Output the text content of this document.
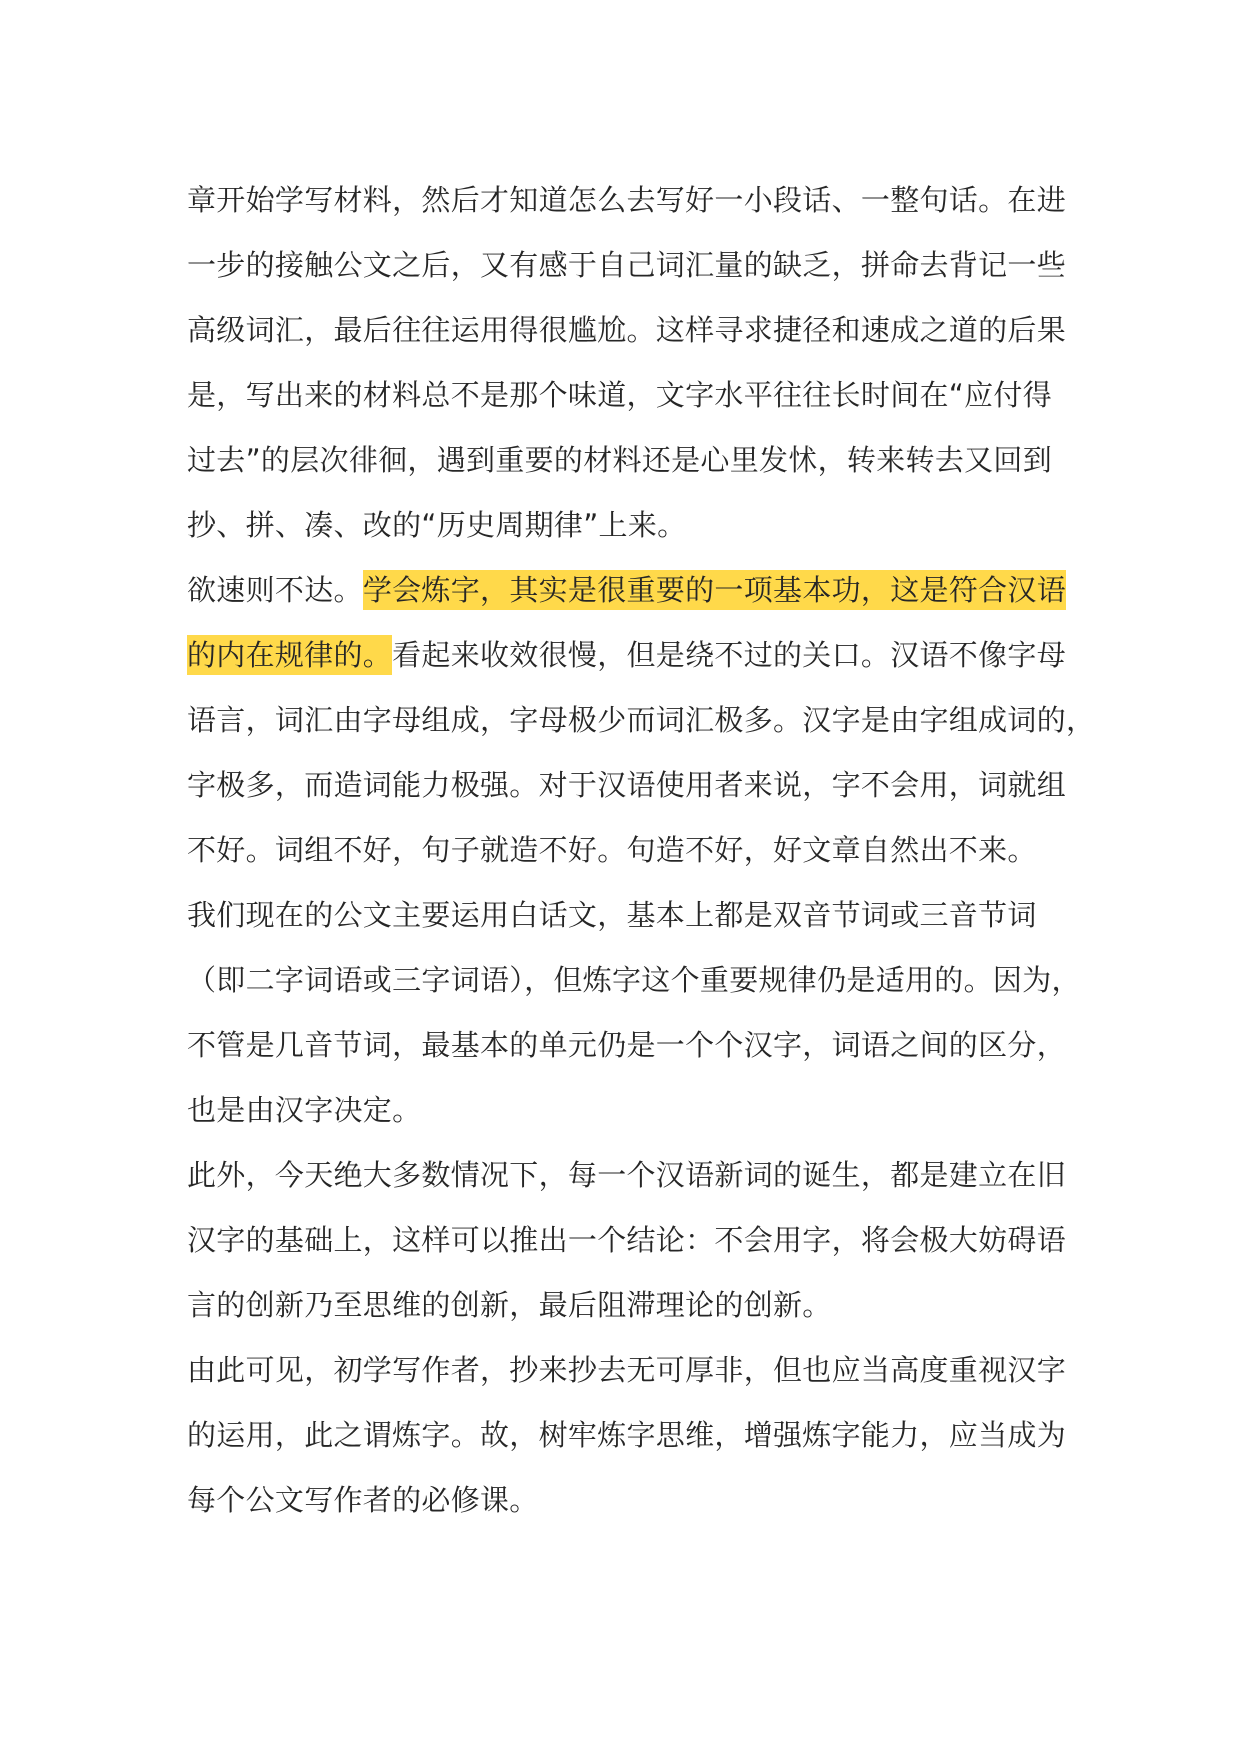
章开始学写材料，然后才知道怎么去写好一小段话、一整句话。在进
一步的接触公文之后，又有感于自己词汇量的缺乏，拼命去背记一些
高级词汇，最后往往运用得很尴尬。这样寻求捷径和速成之道的后果
是，写出来的材料总不是那个味道，文字水平往往长时间在“应付得
过去”的层次徘徊，遇到重要的材料还是心里发怵，转来转去又回到
抄、拼、凑、改的“历史周期律”上来。
欲速则不达。学会炼字，其实是很重要的一项基本功，这是符合汉语
的内在规律的。看起来收效很慢，但是绕不过的关口。汉语不像字母
语言，词汇由字母组成，字母极少而词汇极多。汉字是由字组成词的，
字极多，而造词能力极强。对于汉语使用者来说，字不会用，词就组
不好。词组不好，句子就造不好。句造不好，好文章自然出不来。
我们现在的公文主要运用白话文，基本上都是双音节词或三音节词
（即二字词语或三字词语），但炼字这个重要规律仍是适用的。因为，
不管是几音节词，最基本的单元仍是一个个汉字，词语之间的区分，
也是由汉字决定。
此外，今天绝大多数情况下，每一个汉语新词的诞生，都是建立在旧
汉字的基础上，这样可以推出一个结论：不会用字，将会极大妨碍语
言的创新乃至思维的创新，最后阻滞理论的创新。
由此可见，初学写作者，抄来抄去无可厚非，但也应当高度重视汉字
的运用，此之谓炼字。故，树牢炼字思维，增强炼字能力，应当成为
每个公文写作者的必修课。
